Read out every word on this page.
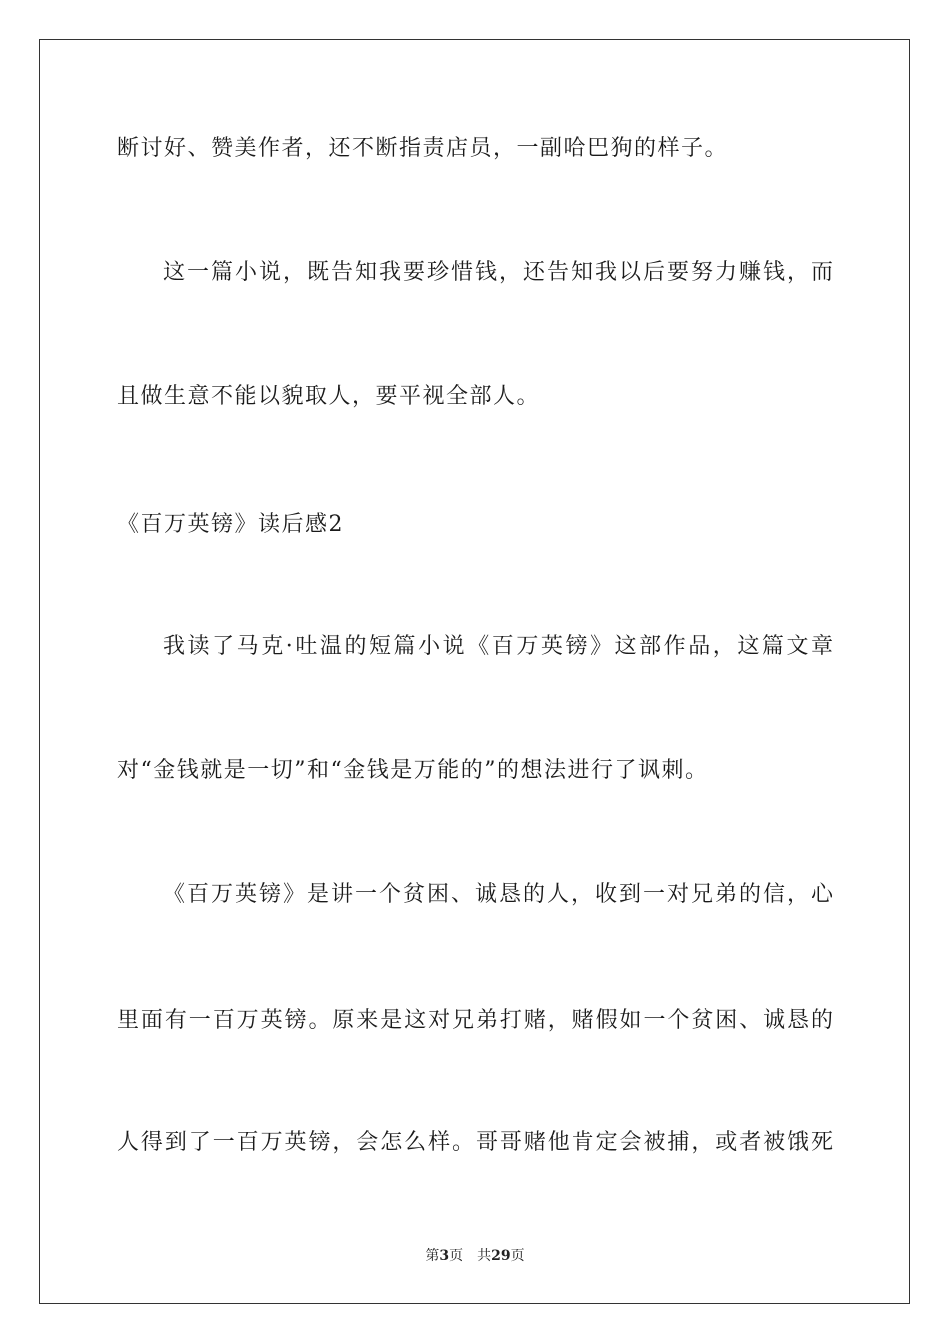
断讨好、赞美作者，还不断指责店员，一副哈巴狗的样子。
这一篇小说，既告知我要珍惜钱，还告知我以后要努力赚钱，而
且做生意不能以貌取人，要平视全部人。
《百万英镑》读后感2
我读了马克·吐温的短篇小说《百万英镑》这部作品，这篇文章
对“金钱就是一切”和“金钱是万能的”的想法进行了讽刺。
《百万英镑》是讲一个贫困、诚恳的人，收到一对兄弟的信，心
里面有一百万英镑。原来是这对兄弟打赌，赌假如一个贫困、诚恳的
人得到了一百万英镑，会怎么样。哥哥赌他肯定会被捕，或者被饿死
第3页 共29页
